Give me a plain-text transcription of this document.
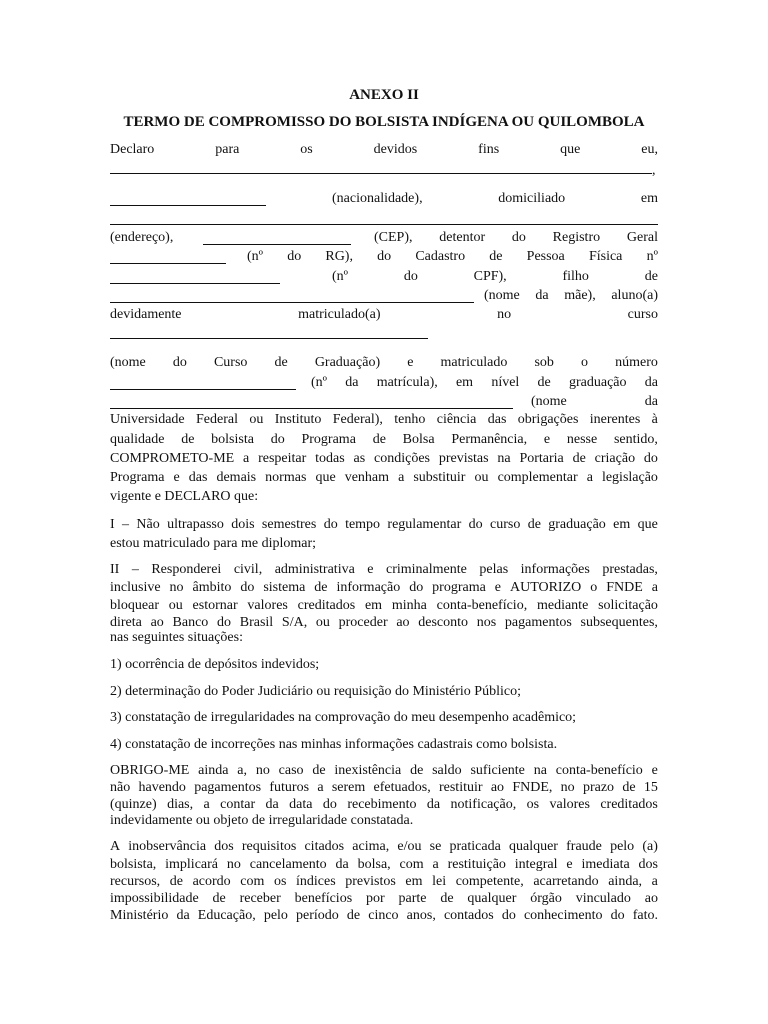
ANEXO II
TERMO DE COMPROMISSO DO BOLSISTA INDÍGENA OU QUILOMBOLA
Declaro	para	os	devidos	fins	que	eu,
,
(nacionalidade),	domiciliado	em
(endereço),	(CEP), detentor do Registro Geral
(nº do RG), do Cadastro de Pessoa Física nº
(nº	do	CPF),	filho	de
(nome da mãe), aluno(a)
devidamente	matriculado(a)	no	curso
(nome do Curso de Graduação) e matriculado sob o número
(nº da matrícula), em nível de graduação da
(nome	da
Universidade Federal ou Instituto Federal), tenho ciência das obrigações inerentes à
qualidade de bolsista do Programa de Bolsa Permanência, e nesse sentido,
COMPROMETO-ME a respeitar todas as condições previstas na Portaria de criação do
Programa e das demais normas que venham a substituir ou complementar a legislação
vigente e DECLARO que:
I – Não ultrapasso dois semestres do tempo regulamentar do curso de graduação em que
estou matriculado para me diplomar;
II – Responderei civil, administrativa e criminalmente pelas informações prestadas,
inclusive no âmbito do sistema de informação do programa e AUTORIZO o FNDE a
bloquear ou estornar valores creditados em minha conta-benefício, mediante solicitação
direta ao Banco do Brasil S/A, ou proceder ao desconto nos pagamentos subsequentes,
nas seguintes situações:
1) ocorrência de depósitos indevidos;
2) determinação do Poder Judiciário ou requisição do Ministério Público;
3) constatação de irregularidades na comprovação do meu desempenho acadêmico;
4) constatação de incorreções nas minhas informações cadastrais como bolsista.
OBRIGO-ME ainda a, no caso de inexistência de saldo suficiente na conta-benefício e
não havendo pagamentos futuros a serem efetuados, restituir ao FNDE, no prazo de 15
(quinze) dias, a contar da data do recebimento da notificação, os valores creditados
indevidamente ou objeto de irregularidade constatada.
A inobservância dos requisitos citados acima, e/ou se praticada qualquer fraude pelo (a)
bolsista, implicará no cancelamento da bolsa, com a restituição integral e imediata dos
recursos, de acordo com os índices previstos em lei competente, acarretando ainda, a
impossibilidade de receber benefícios por parte de qualquer órgão vinculado ao
Ministério da Educação, pelo período de cinco anos, contados do conhecimento do fato.
